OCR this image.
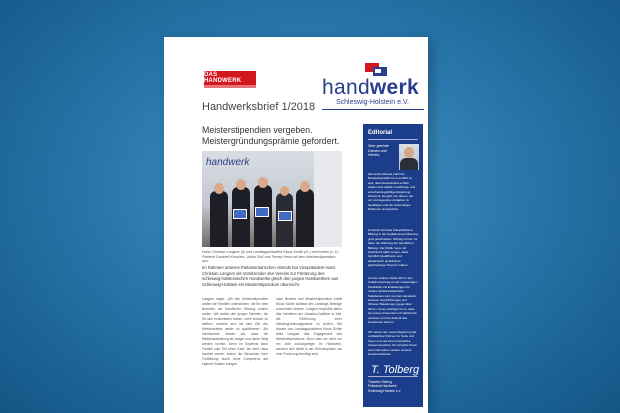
DAS HANDWERK	handwerk
Schleswig-Holstein e.V.
Handwerksbrief 1/2018
Meisterstipendien vergeben.
Meistergründungsprämie gefordert.
handwerk
Hans Christian Langner (li) und Landtagspräsident Klaus Schlie (re.) zeichneten (v. li.) Frederik Dankleff-Kirschen, Julian Saß und Teresa Hess mit dem Meisterstipendium aus.
Im Rahmen unseres Parlamentarischen Abends hat Vizepräsident Hans Christian Langner als Vorsitzender des Vereins zur Förderung des schleswig-holsteinischen Handwerks gleich drei jungen Handwerkern aus Schleswig-Holstein ein Meisterstipendium überreicht.
Langner sagte: „Mit den Meisterstipendien wollen wir Familien unterstützen, die für viele Bereiche der beruflichen Bildung nutzen wollen. Wir wollen den jungen Talenten, die für sich entschieden haben, nicht einfach zu bleiben, sondern sich mit dem Ziel des Meisterbriefes weiter zu qualifizieren.“ Als Handwerker wissen wir, dass die Meisterausbildung ein langer und harter Weg werden könnte. Denn im Ergebnis kann Familie zum Teil einen Kauf, bei dem Haus handelt werde, indem die Menschen ihrer Fortbildung durch neue Kompetenz auf eigenen Saaten bringen.
nach Bewerb und Meisterstipendium erteilt Klaus Schlie sichtbar des Landtags Beiträge zusammen können. Langner begrüßte daher das Vorhaben der Jamaika-Koalition in Kiel, die Einführung einer Meistergründungsprämie zu prüfen. Bei Ansatz von Landtagspräsident Klaus Schlie lobte Langner das Engagement des Meisterstipendiums. Denn dies sei nicht nur ein Jahr zurückgelegte im Handwerk, sondern sich direkt in der Gründerphase, wo eine Förderung benötigt wird.
Editorial
Sehr geehrte Damen und Herren,
fast sechs Monate nach der Bundestagswahl ist es endlich so weit, dass Deutschland endlich wieder eine stabile, handlungs- und entscheidungsfähige Regierung bekommt. Es geht nun darum, die vor uns liegenden Aufgaben zu bewältigen und die notwendigen Reformen anzupacken.
Zu Recht wird das Zukunftsthema Bildung in der Koalitionsvereinbarung groß geschrieben. Wichtig ist hier vor allem die Stärkung der beruflichen Bildung. Die Politik muss mit Nachdruck dafür sorgen, dass beruflich Qualifizierte und akademisch Qualifizierte gleichwertige Chancen haben.
Auf der anderen Seite fehlt in den Koalitionsvertrag an der notwendigen Flexibilität und Entlastungen für unsere Handwerksbetriebe. Stattdessen wird uns das Handwerk weiteren Verpflichtungen und höheren Belastungen gegenüber führen. Umso wichtiger ist es, dass wir unsere Interessen mit Nachdruck vertreten und die Zukunft des Handwerks sichern.
Wir stehen der neuen Regierung als verlässlicher Partner zur Seite und freuen uns auf eine konstruktive Zusammenarbeit. Ich wünsche Ihnen eine informative Lektüre unseres Handwerksbriefs.
T. Tolberg
Thorsten Tolberg
Präsident Handwerk
Schleswig-Holstein e.V.
